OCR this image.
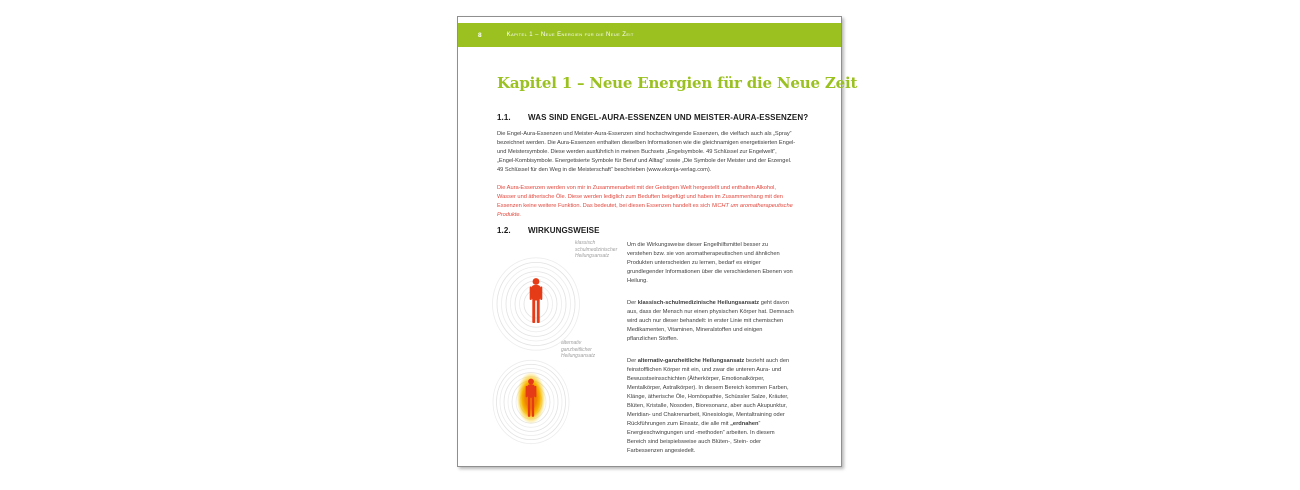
8	Kapitel 1 – Neue Energien für die Neue Zeit
Kapitel 1 – Neue Energien für die Neue Zeit
1.1.	WAS SIND ENGEL-AURA-ESSENZEN UND MEISTER-AURA-ESSENZEN?
Die Engel-Aura-Essenzen und Meister-Aura-Essenzen sind hochschwingende Essenzen, die vielfach auch als „Spray“ bezeichnet werden. Die Aura-Essenzen enthalten dieselben Informationen wie die gleichnamigen energetisierten Engel- und Meistersymbole. Diese werden ausführlich in meinen Buchsets „Engelsymbole. 49 Schlüssel zur Engelwelt“, „Engel-Kombisymbole. Energetisierte Symbole für Beruf und Alltag“ sowie „Die Symbole der Meister und der Erzengel. 49 Schlüssel für den Weg in die Meisterschaft“ beschrieben (www.ekonja-verlag.com).
Die Aura-Essenzen werden von mir in Zusammenarbeit mit der Geistigen Welt hergestellt und enthalten Alkohol, Wasser und ätherische Öle. Diese werden lediglich zum Beduften beigefügt und haben im Zusammenhang mit den Essenzen keine weitere Funktion. Das bedeutet, bei diesen Essenzen handelt es sich NICHT um aromatherapeutische Produkte.
1.2.	WIRKUNGSWEISE
klassisch
schulmedizinischer
Heilungsansatz
alternativ
ganzheitlicher
Heilungsansatz

Um die Wirkungsweise dieser Engelhilfsmittel besser zu verstehen bzw. sie von aromatherapeutischen und ähnlichen Produkten unterscheiden zu lernen, bedarf es einiger grundlegender Informationen über die verschiedenen Ebenen von Heilung.

Der klassisch-schulmedizinische Heilungsansatz geht davon aus, dass der Mensch nur einen physischen Körper hat. Demnach wird auch nur dieser behandelt: in erster Linie mit chemischen Medikamenten, Vitaminen, Mineralstoffen und einigen pflanzlichen Stoffen.

Der alternativ-ganzheitliche Heilungsansatz bezieht auch den feinstofflichen Körper mit ein, und zwar die unteren Aura- und Bewusstseinsschichten (Ätherkörper, Emotionalkörper, Mentalkörper, Astralkörper). In diesem Bereich kommen Farben, Klänge, ätherische Öle, Homöopathie, Schüssler Salze, Kräuter, Blüten, Kristalle, Nosoden, Bioresonanz, aber auch Akupunktur, Meridian- und Chakrenarbeit, Kinesiologie, Mentaltraining oder Rückführungen zum Einsatz, die alle mit „erdnahen“ Energieschwingungen und -methoden“ arbeiten. In diesem Bereich sind beispielsweise auch Blüten-, Stein- oder Farbessenzen angesiedelt.
